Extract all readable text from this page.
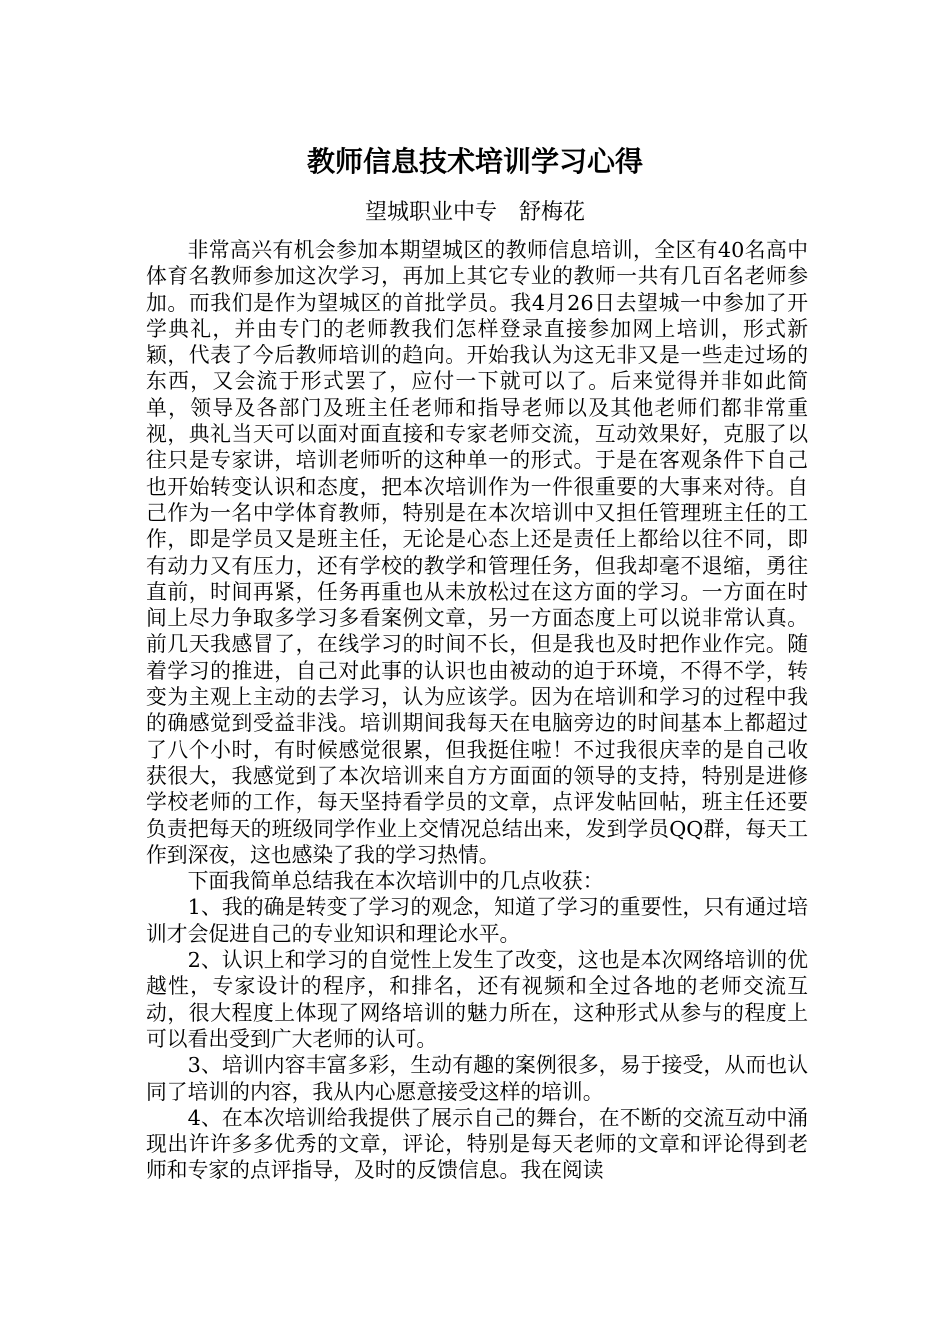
教师信息技术培训学习心得
望城职业中专　舒梅花

非常高兴有机会参加本期望城区的教师信息培训，全区有40名高中体育名教师参加这次学习，再加上其它专业的教师一共有几百名老师参加。而我们是作为望城区的首批学员。我4月26日去望城一中参加了开学典礼，并由专门的老师教我们怎样登录直接参加网上培训，形式新颖，代表了今后教师培训的趋向。开始我认为这无非又是一些走过场的东西，又会流于形式罢了，应付一下就可以了。后来觉得并非如此简单，领导及各部门及班主任老师和指导老师以及其他老师们都非常重视，典礼当天可以面对面直接和专家老师交流，互动效果好，克服了以往只是专家讲，培训老师听的这种单一的形式。于是在客观条件下自己也开始转变认识和态度，把本次培训作为一件很重要的大事来对待。自己作为一名中学体育教师，特别是在本次培训中又担任管理班主任的工作，即是学员又是班主任，无论是心态上还是责任上都给以往不同，即有动力又有压力，还有学校的教学和管理任务，但我却毫不退缩，勇往直前，时间再紧，任务再重也从未放松过在这方面的学习。一方面在时间上尽力争取多学习多看案例文章，另一方面态度上可以说非常认真。前几天我感冒了，在线学习的时间不长，但是我也及时把作业作完。随着学习的推进，自己对此事的认识也由被动的迫于环境，不得不学，转变为主观上主动的去学习，认为应该学。因为在培训和学习的过程中我的确感觉到受益非浅。培训期间我每天在电脑旁边的时间基本上都超过了八个小时，有时候感觉很累，但我挺住啦！不过我很庆幸的是自己收获很大，我感觉到了本次培训来自方方面面的领导的支持，特别是进修学校老师的工作，每天坚持看学员的文章，点评发帖回帖，班主任还要负责把每天的班级同学作业上交情况总结出来，发到学员QQ群，每天工作到深夜，这也感染了我的学习热情。

下面我简单总结我在本次培训中的几点收获：

1、我的确是转变了学习的观念，知道了学习的重要性，只有通过培训才会促进自己的专业知识和理论水平。

2、认识上和学习的自觉性上发生了改变，这也是本次网络培训的优越性，专家设计的程序，和排名，还有视频和全过各地的老师交流互动，很大程度上体现了网络培训的魅力所在，这种形式从参与的程度上可以看出受到广大老师的认可。

3、培训内容丰富多彩，生动有趣的案例很多，易于接受，从而也认同了培训的内容，我从内心愿意接受这样的培训。

4、在本次培训给我提供了展示自己的舞台，在不断的交流互动中涌现出许许多多优秀的文章，评论，特别是每天老师的文章和评论得到老师和专家的点评指导，及时的反馈信息。我在阅读
